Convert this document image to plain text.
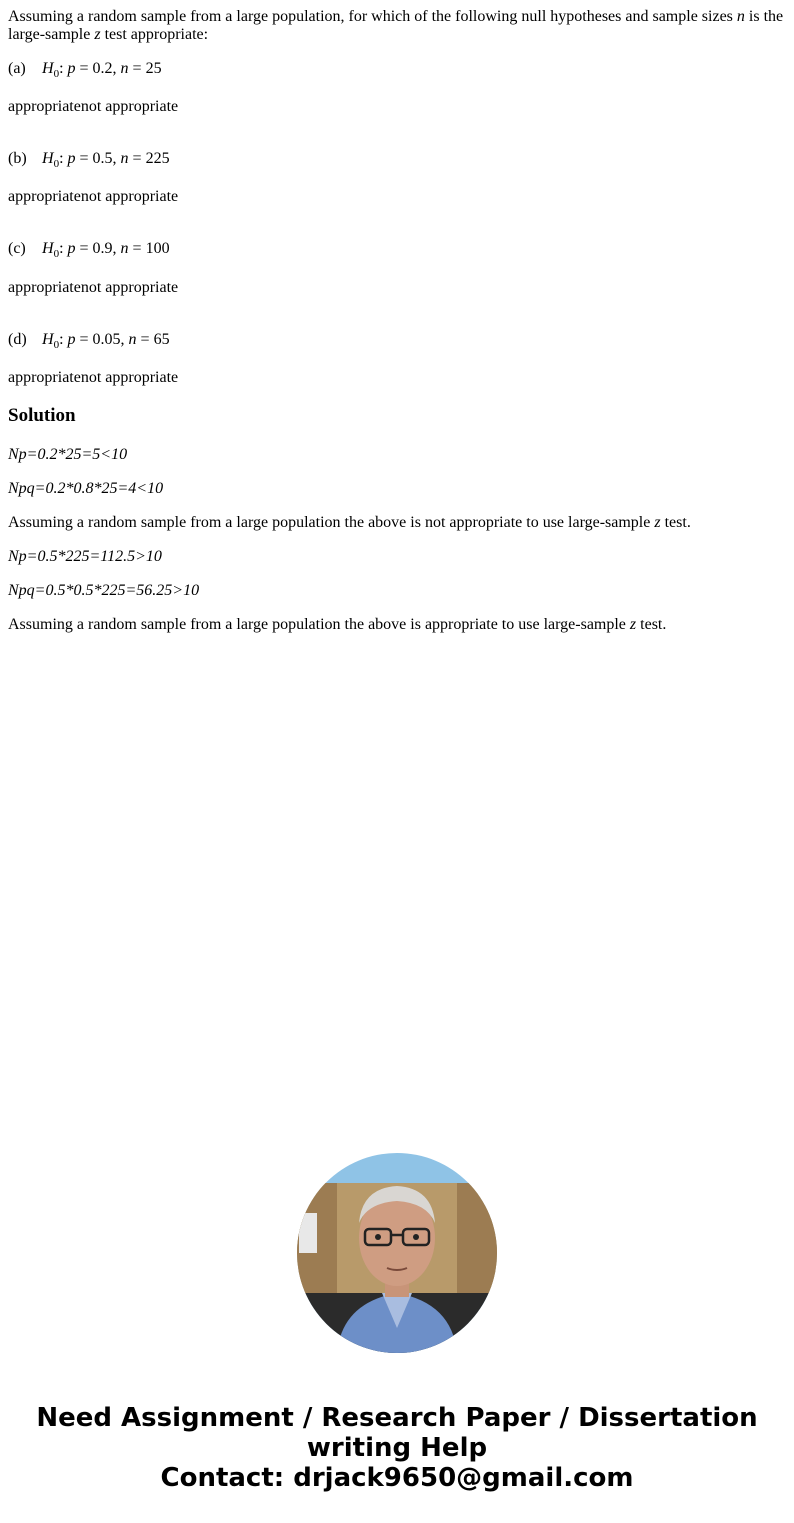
Assuming a random sample from a large population, for which of the following null hypotheses and sample sizes n is the large-sample z test appropriate:

(a) $H_0$: p = 0.2, n = 25
appropriatenot appropriate
(b) $H_0$: p = 0.5, n = 225
appropriatenot appropriate
(c) $H_0$: p = 0.9, n = 100
appropriatenot appropriate
(d) $H_0$: p = 0.05, n = 65
appropriatenot appropriate
Solution
Np=0.2*25=5<10
Npq=0.2*0.8*25=4<10
Assuming a random sample from a large population the above is not appropriate to use large-sample z test.
Np=0.5*225=112.5>10
Npq=0.5*0.5*225=56.25>10
Assuming a random sample from a large population the above is appropriate to use large-sample z test.
Need Assignment / Research Paper / Dissertation
writing Help
Contact: drjack9650@gmail.com
